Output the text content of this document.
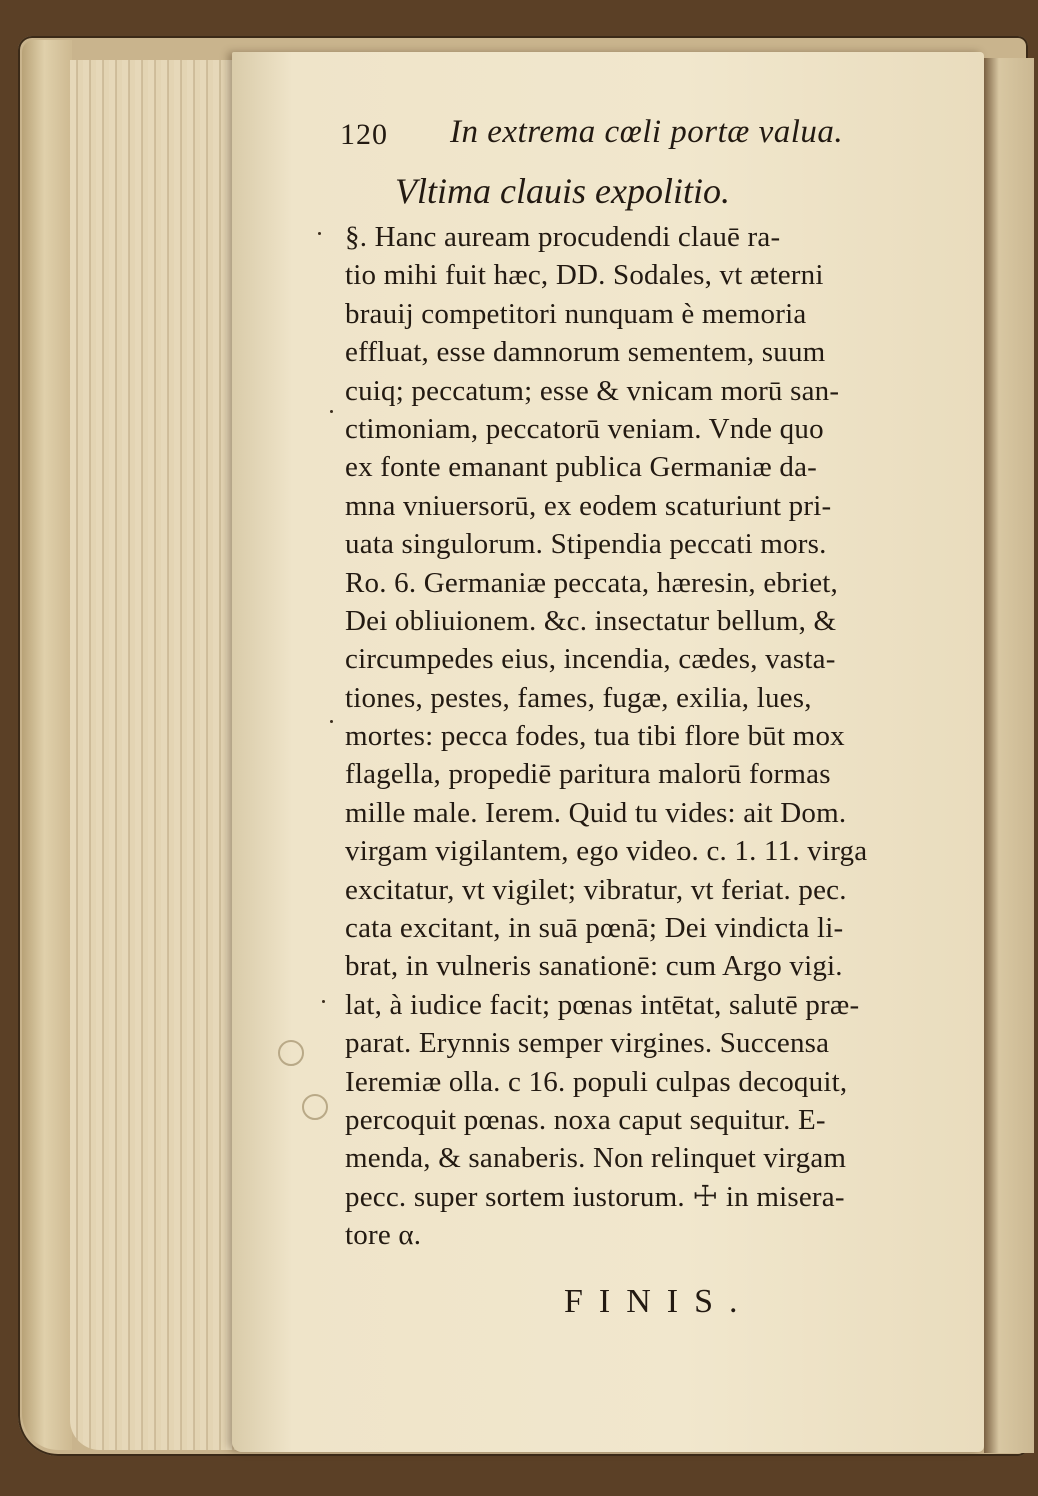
120 In extrema cœli portæ valua.
Vltima clauis expolitio.
§. Hanc auream procudendi clauē ra-
tio mihi fuit hæc, DD. Sodales, vt æterni
brauij competitori nunquam è memoria
effluat, esse damnorum sementem, suum
cuiq; peccatum; esse & vnicam morū san-
ctimoniam, peccatorū veniam. Vnde quo
ex fonte emanant publica Germaniæ da-
mna vniuersorū, ex eodem scaturiunt pri-
uata singulorum. Stipendia peccati mors.
Ro. 6. Germaniæ peccata, hæresin, ebriet,
Dei obliuionem. &c. insectatur bellum, &
circumpedes eius, incendia, cædes, vasta-
tiones, pestes, fames, fugæ, exilia, lues,
mortes: pecca fodes, tua tibi flore būt mox
flagella, propediē paritura malorū formas
mille male. Ierem. Quid tu vides: ait Dom.
virgam vigilantem, ego video. c. 1. 11. virga
excitatur, vt vigilet; vibratur, vt feriat. pec.
cata excitant, in suā pœnā; Dei vindicta li-
brat, in vulneris sanationē: cum Argo vigi.
lat, à iudice facit; pœnas intētat, salutē præ-
parat. Erynnis semper virgines. Succensa
Ieremiæ olla. c 16. populi culpas decoquit,
percoquit pœnas. noxa caput sequitur. E-
menda, & sanaberis. Non relinquet virgam
pecc. super sortem iustorum. ☩ in misera-
tore α.
FINIS.
